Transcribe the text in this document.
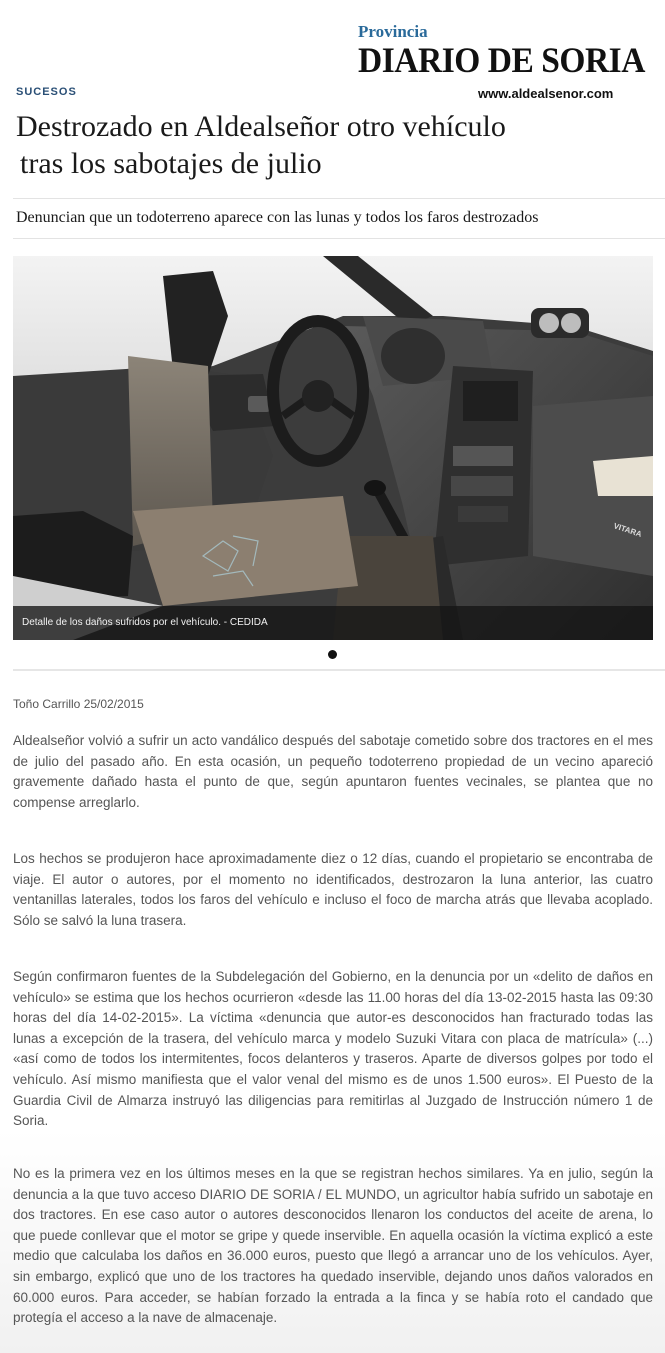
Provincia
DIARIO DE SORIA
www.aldealsenor.com
SUCESOS
Destrozado en Aldealseñor otro vehículo
tras los sabotajes de julio
Denuncian que un todoterreno aparece con las lunas y todos los faros destrozados
VITARA
Detalle de los daños sufridos por el vehículo. - CEDIDA
Toño Carrillo 25/02/2015

Aldealseñor volvió a sufrir un acto vandálico después del sabotaje cometido sobre dos tractores en el mes de julio del pasado año. En esta ocasión, un pequeño todoterreno propiedad de un vecino apareció gravemente dañado hasta el punto de que, según apuntaron fuentes vecinales, se plantea que no compense arreglarlo.

Los hechos se produjeron hace aproximadamente diez o 12 días, cuando el propietario se encontraba de viaje. El autor o autores, por el momento no identificados, destrozaron la luna anterior, las cuatro ventanillas laterales, todos los faros del vehículo e incluso el foco de marcha atrás que llevaba acoplado. Sólo se salvó la luna trasera.

Según confirmaron fuentes de la Subdelegación del Gobierno, en la denuncia por un «delito de daños en vehículo» se estima que los hechos ocurrieron «desde las 11.00 horas del día 13-02-2015 hasta las 09:30 horas del día 14-02-2015». La víctima «denuncia que autor-es desconocidos han fracturado todas las lunas a excepción de la trasera, del vehículo marca y modelo Suzuki Vitara con placa de matrícula» (...) «así como de todos los intermitentes, focos delanteros y traseros. Aparte de diversos golpes por todo el vehículo. Así mismo manifiesta que el valor venal del mismo es de unos 1.500 euros». El Puesto de la Guardia Civil de Almarza instruyó las diligencias para remitirlas al Juzgado de Instrucción número 1 de Soria.

No es la primera vez en los últimos meses en la que se registran hechos similares. Ya en julio, según la denuncia a la que tuvo acceso DIARIO DE SORIA / EL MUNDO, un agricultor había sufrido un sabotaje en dos tractores. En ese caso autor o autores desconocidos llenaron los conductos del aceite de arena, lo que puede conllevar que el motor se gripe y quede inservible. En aquella ocasión la víctima explicó a este medio que calculaba los daños en 36.000 euros, puesto que llegó a arrancar uno de los vehículos. Ayer, sin embargo, explicó que uno de los tractores ha quedado inservible, dejando unos daños valorados en 60.000 euros. Para acceder, se habían forzado la entrada a la finca y se había roto el candado que protegía el acceso a la nave de almacenaje.
